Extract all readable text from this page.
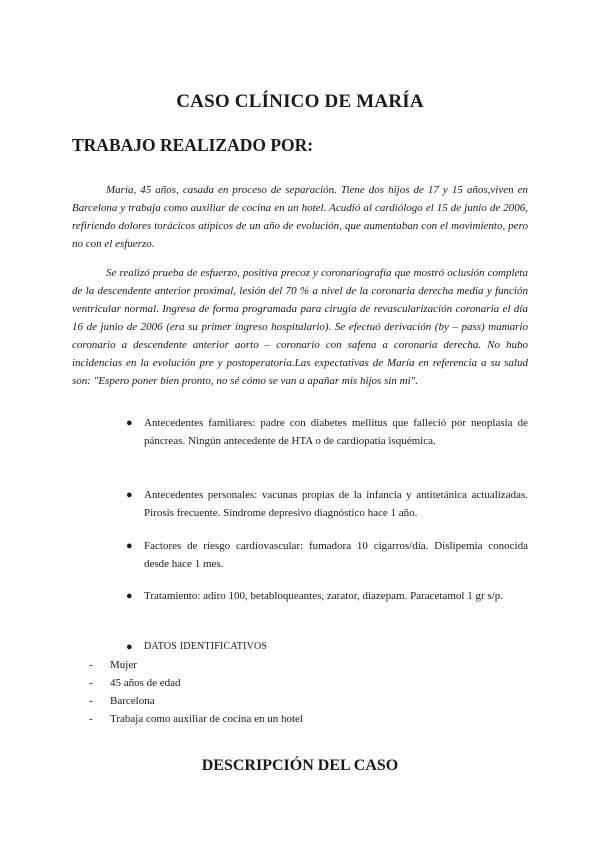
CASO CLÍNICO DE MARÍA
TRABAJO REALIZADO POR:

María, 45 años, casada en proceso de separación. Tiene dos hijos de 17 y 15 años,viven en Barcelona y trabaja como auxiliar de cocina en un hotel. Acudió al cardiólogo el 15 de junio de 2006, refiriendo dolores torácicos atípicos de un año de evolución, que aumentaban con el movimiento, pero no con el esfuerzo.

Se realizó prueba de esfuerzo, positiva precoz y coronariografía que mostró oclusión completa de la descendente anterior proximal, lesión del 70 % a nivel de la coronaria derecha media y función ventricular normal. Ingresa de forma programada para cirugía de revascularización coronaria el día 16 de junio de 2006 (era su primer ingreso hospitalario). Se efectuó derivación (by – pass) mamario coronario a descendente anterior aorto – coronario con safena a coronaria derecha. No hubo incidencias en la evolución pre y postoperatoria.Las expectativas de María en referencia a su salud son: "Espero poner bien pronto, no sé cómo se van a apañar mis hijos sin mi".

● Antecedentes familiares: padre con diabetes mellitus que falleció por neoplasia de páncreas. Ningún antecedente de HTA o de cardiopatía isquémica.

● Antecedentes personales: vacunas propias de la infancia y antitetánica actualizadas. Pirosis frecuente. Síndrome depresivo diagnóstico hace 1 año.

● Factores de riesgo cardiovascular: fumadora 10 cigarros/día. Dislipemia conocida desde hace 1 mes.

● Tratamiento: adiro 100, betabloqueantes, zarator, diazepam. Paracetamol 1 gr s/p.

● DATOS IDENTIFICATIVOS

- Mujer
- 45 años de edad
- Barcelona
- Trabaja como auxiliar de cocina en un hotel
DESCRIPCIÓN DEL CASO
